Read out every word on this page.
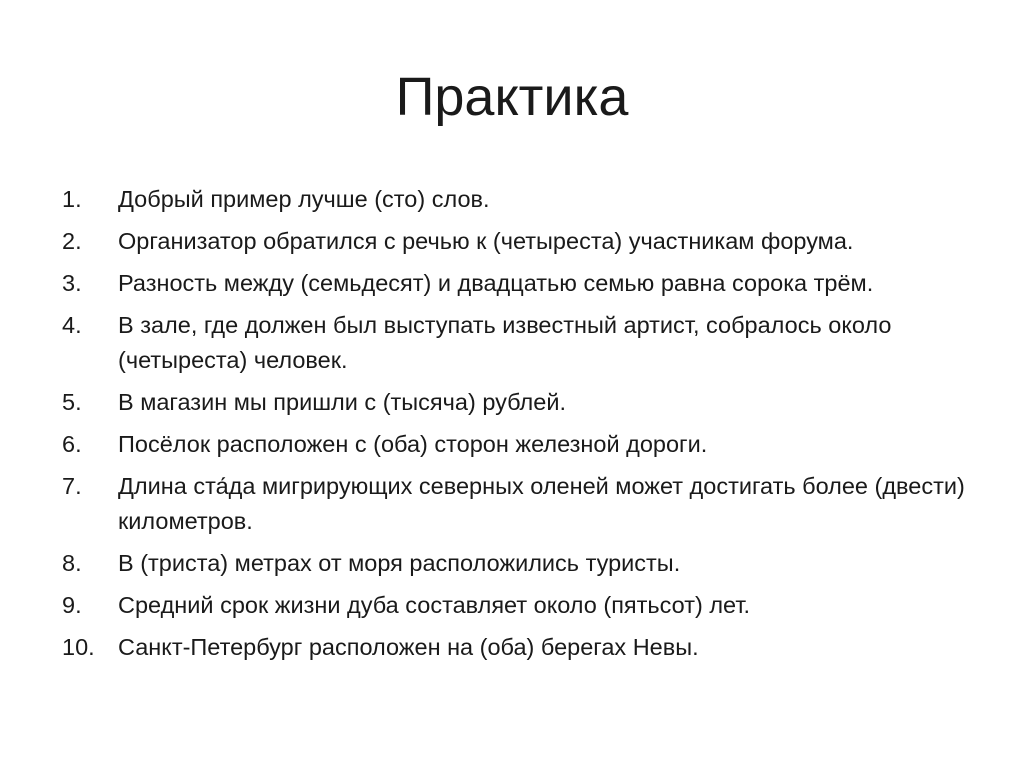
Практика
1.	Добрый пример лучше (сто) слов.
2.	Организатор обратился с речью к (четыреста) участникам форума.
3.	Разность между (семьдесят) и двадцатью семью равна сорока трём.
4.	В зале, где должен был выступать известный артист, собралось около (четыреста) человек.
5.	В магазин мы пришли с (тысяча) рублей.
6.	Посёлок расположен с (оба) сторон железной дороги.
7.	Длина ста́да мигрирующих северных оленей может достигать более (двести) километров.
8.	В (триста) метрах от моря расположились туристы.
9.	Средний срок жизни дуба составляет около (пятьсот) лет.
10. Санкт-Петербург расположен на (оба) берегах Невы.
